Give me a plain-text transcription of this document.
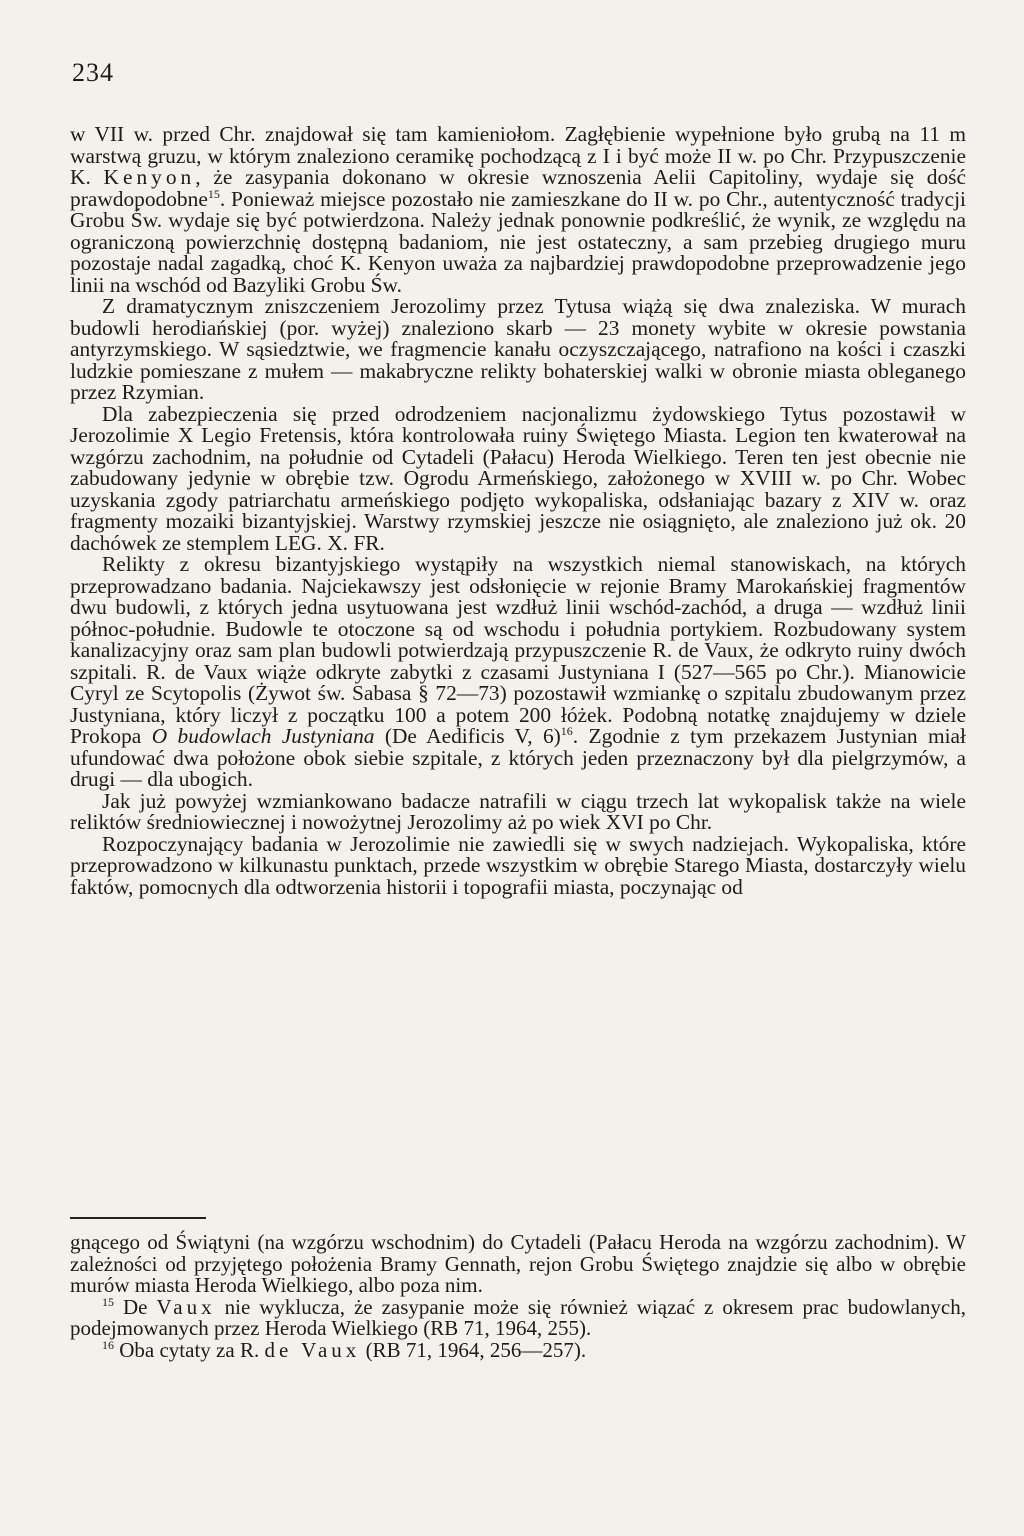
234

w VII w. przed Chr. znajdował się tam kamieniołom. Zagłębienie wypełnione było grubą na 11 m warstwą gruzu, w którym znaleziono ceramikę pochodzącą z I i być może II w. po Chr. Przypuszczenie K. Kenyon, że zasypania dokonano w okresie wznoszenia Aelii Capitoliny, wydaje się dość prawdopodobne$^{15}$. Ponieważ miejsce pozostało nie zamieszkane do II w. po Chr., autentyczność tradycji Grobu Św. wydaje się być potwierdzona. Należy jednak ponownie podkreślić, że wynik, ze względu na ograniczoną powierzchnię dostępną badaniom, nie jest ostateczny, a sam przebieg drugiego muru pozostaje nadal zagadką, choć K. Kenyon uważa za najbardziej prawdopodobne przeprowadzenie jego linii na wschód od Bazyliki Grobu Św.

Z dramatycznym zniszczeniem Jerozolimy przez Tytusa wiążą się dwa znaleziska. W murach budowli herodiańskiej (por. wyżej) znaleziono skarb — 23 monety wybite w okresie powstania antyrzymskiego. W sąsiedztwie, we fragmencie kanału oczyszczającego, natrafiono na kości i czaszki ludzkie pomieszane z mułem — makabryczne relikty bohaterskiej walki w obronie miasta obleganego przez Rzymian.

Dla zabezpieczenia się przed odrodzeniem nacjonalizmu żydowskiego Tytus pozostawił w Jerozolimie X Legio Fretensis, która kontrolowała ruiny Świętego Miasta. Legion ten kwaterował na wzgórzu zachodnim, na południe od Cytadeli (Pałacu) Heroda Wielkiego. Teren ten jest obecnie nie zabudowany jedynie w obrębie tzw. Ogrodu Armeńskiego, założonego w XVIII w. po Chr. Wobec uzyskania zgody patriarchatu armeńskiego podjęto wykopaliska, odsłaniając bazary z XIV w. oraz fragmenty mozaiki bizantyjskiej. Warstwy rzymskiej jeszcze nie osiągnięto, ale znaleziono już ok. 20 dachówek ze stemplem LEG. X. FR.

Relikty z okresu bizantyjskiego wystąpiły na wszystkich niemal stanowiskach, na których przeprowadzano badania. Najciekawszy jest odsłonięcie w rejonie Bramy Marokańskiej fragmentów dwu budowli, z których jedna usytuowana jest wzdłuż linii wschód-zachód, a druga — wzdłuż linii północ-południe. Budowle te otoczone są od wschodu i południa portykiem. Rozbudowany system kanalizacyjny oraz sam plan budowli potwierdzają przypuszczenie R. de Vaux, że odkryto ruiny dwóch szpitali. R. de Vaux wiąże odkryte zabytki z czasami Justyniana I (527—565 po Chr.). Mianowicie Cyryl ze Scytopolis (Żywot św. Sabasa § 72—73) pozostawił wzmiankę o szpitalu zbudowanym przez Justyniana, który liczył z początku 100 a potem 200 łóżek. Podobną notatkę znajdujemy w dziele Prokopa O budowlach Justyniana (De Aedificis V, 6)$^{16}$. Zgodnie z tym przekazem Justynian miał ufundować dwa położone obok siebie szpitale, z których jeden przeznaczony był dla pielgrzymów, a drugi — dla ubogich.

Jak już powyżej wzmiankowano badacze natrafili w ciągu trzech lat wykopalisk także na wiele reliktów średniowiecznej i nowożytnej Jerozolimy aż po wiek XVI po Chr.

Rozpoczynający badania w Jerozolimie nie zawiedli się w swych nadziejach. Wykopaliska, które przeprowadzono w kilkunastu punktach, przede wszystkim w obrębie Starego Miasta, dostarczyły wielu faktów, pomocnych dla odtworzenia historii i topografii miasta, poczynając od

gnącego od Świątyni (na wzgórzu wschodnim) do Cytadeli (Pałacu Heroda na wzgórzu zachodnim). W zależności od przyjętego położenia Bramy Gennath, rejon Grobu Świętego znajdzie się albo w obrębie murów miasta Heroda Wielkiego, albo poza nim.

$^{15}$ De Vaux nie wyklucza, że zasypanie może się również wiązać z okresem prac budowlanych, podejmowanych przez Heroda Wielkiego (RB 71, 1964, 255).

$^{16}$ Oba cytaty za R. de Vaux (RB 71, 1964, 256—257).
